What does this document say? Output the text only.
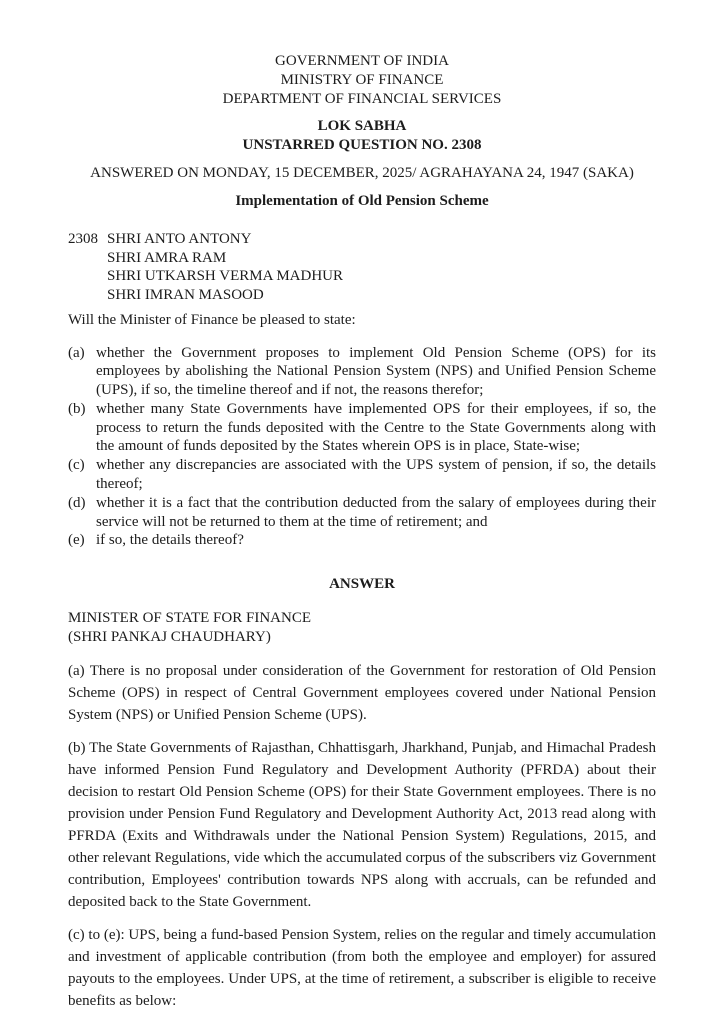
GOVERNMENT OF INDIA
MINISTRY OF FINANCE
DEPARTMENT OF FINANCIAL SERVICES
LOK SABHA
UNSTARRED QUESTION NO. 2308
ANSWERED ON MONDAY, 15 DECEMBER, 2025/ AGRAHAYANA 24, 1947 (SAKA)
Implementation of Old Pension Scheme
2308 SHRI ANTO ANTONY
SHRI AMRA RAM
SHRI UTKARSH VERMA MADHUR
SHRI IMRAN MASOOD
Will the Minister of Finance be pleased to state:
(a) whether the Government proposes to implement Old Pension Scheme (OPS) for its employees by abolishing the National Pension System (NPS) and Unified Pension Scheme (UPS), if so, the timeline thereof and if not, the reasons therefor;
(b) whether many State Governments have implemented OPS for their employees, if so, the process to return the funds deposited with the Centre to the State Governments along with the amount of funds deposited by the States wherein OPS is in place, State-wise;
(c) whether any discrepancies are associated with the UPS system of pension, if so, the details thereof;
(d) whether it is a fact that the contribution deducted from the salary of employees during their service will not be returned to them at the time of retirement; and
(e) if so, the details thereof?
ANSWER
MINISTER OF STATE FOR FINANCE
(SHRI PANKAJ CHAUDHARY)

(a) There is no proposal under consideration of the Government for restoration of Old Pension Scheme (OPS) in respect of Central Government employees covered under National Pension System (NPS) or Unified Pension Scheme (UPS).

(b) The State Governments of Rajasthan, Chhattisgarh, Jharkhand, Punjab, and Himachal Pradesh have informed Pension Fund Regulatory and Development Authority (PFRDA) about their decision to restart Old Pension Scheme (OPS) for their State Government employees. There is no provision under Pension Fund Regulatory and Development Authority Act, 2013 read along with PFRDA (Exits and Withdrawals under the National Pension System) Regulations, 2015, and other relevant Regulations, vide which the accumulated corpus of the subscribers viz Government contribution, Employees' contribution towards NPS along with accruals, can be refunded and deposited back to the State Government.

(c) to (e): UPS, being a fund-based Pension System, relies on the regular and timely accumulation and investment of applicable contribution (from both the employee and employer) for assured payouts to the employees. Under UPS, at the time of retirement, a subscriber is eligible to receive benefits as below:
